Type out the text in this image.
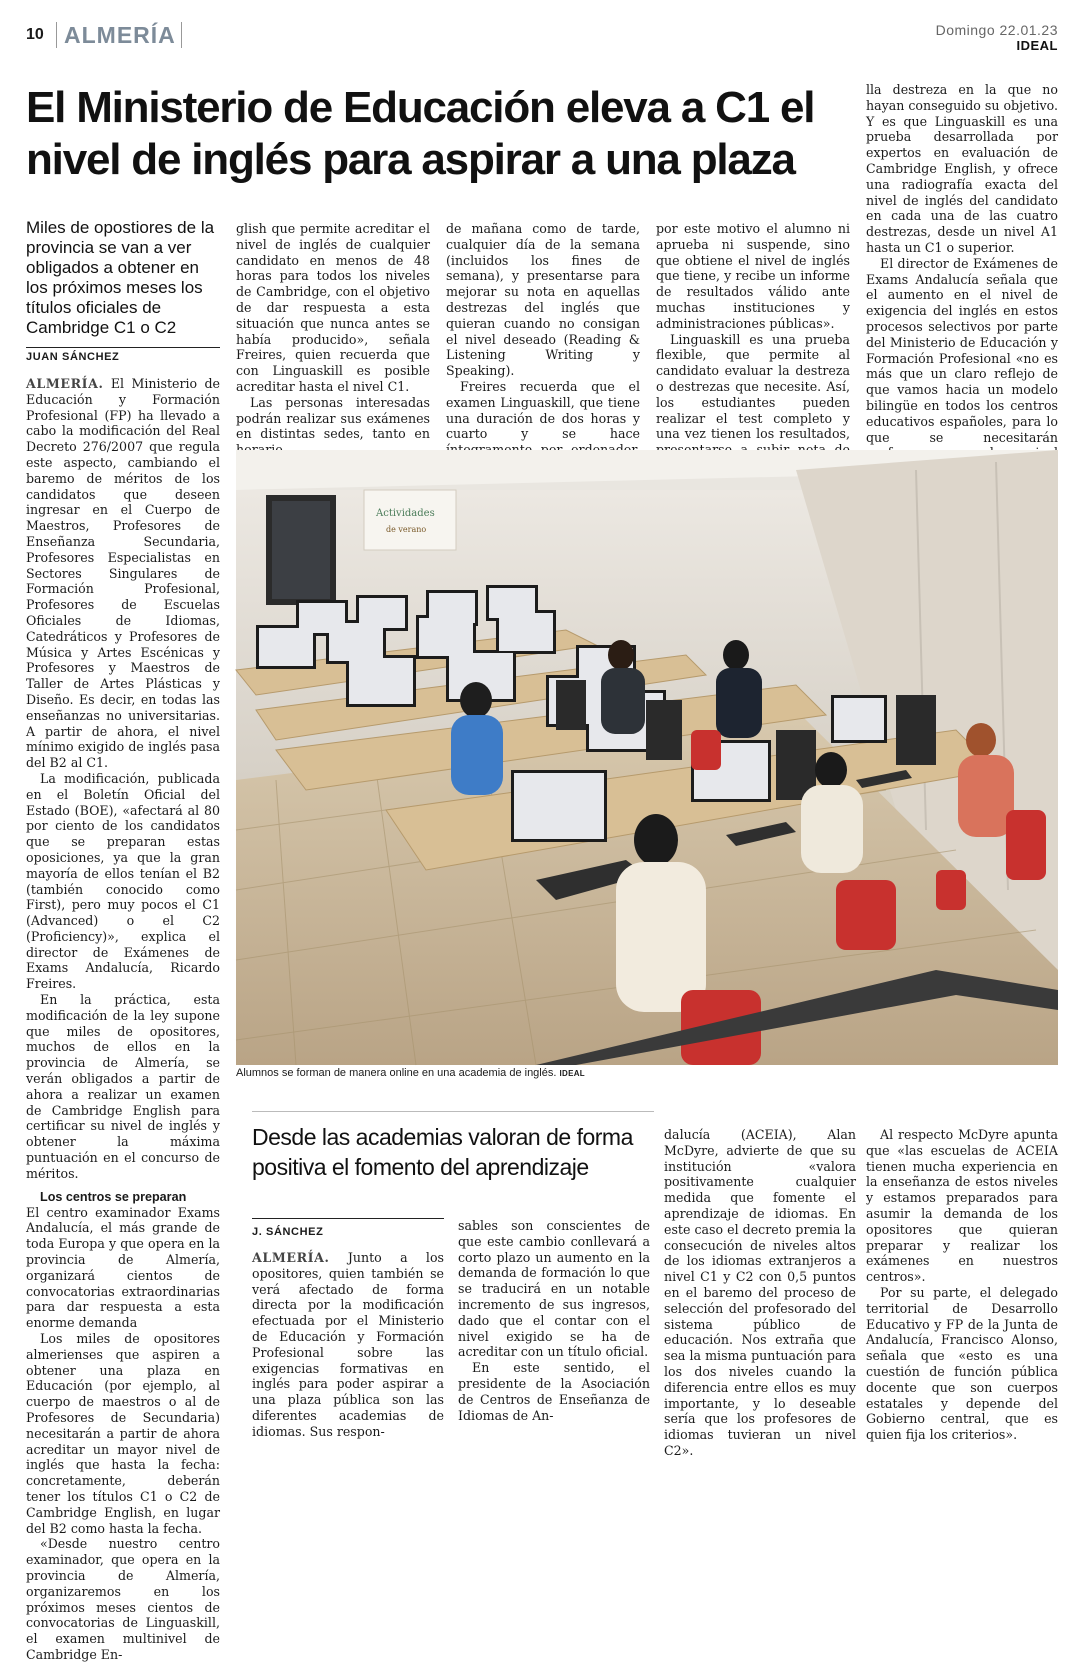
10 ALMERÍA	Domingo 22.01.23
IDEAL
El Ministerio de Educación eleva a C1 el nivel de inglés para aspirar a una plaza
Miles de opostiores de la provincia se van a ver obligados a obtener en los próximos meses los títulos oficiales de Cambridge C1 o C2
JUAN SÁNCHEZ

ALMERÍA. El Ministerio de Educación y Formación Profesional (FP) ha llevado a cabo la modificación del Real Decreto 276/2007 que regula este aspecto, cambiando el baremo de méritos de los candidatos que deseen ingresar en el Cuerpo de Maestros, Profesores de Enseñanza Secundaria, Profesores Especialistas en Sectores Singulares de Formación Profesional, Profesores de Escuelas Oficiales de Idiomas, Catedráticos y Profesores de Música y Artes Escénicas y Profesores y Maestros de Taller de Artes Plásticas y Diseño. Es decir, en todas las enseñanzas no universitarias. A partir de ahora, el nivel mínimo exigido de inglés pasa del B2 al C1.

La modificación, publicada en el Boletín Oficial del Estado (BOE), «afectará al 80 por ciento de los candidatos que se preparan estas oposiciones, ya que la gran mayoría de ellos tenían el B2 (también conocido como First), pero muy pocos el C1 (Advanced) o el C2 (Proficiency)», explica el director de Exámenes de Exams Andalucía, Ricardo Freires.

En la práctica, esta modificación de la ley supone que miles de opositores, muchos de ellos en la provincia de Almería, se verán obligados a partir de ahora a realizar un examen de Cambridge English para certificar su nivel de inglés y obtener la máxima puntuación en el concurso de méritos.

Los centros se preparan

El centro examinador Exams Andalucía, el más grande de toda Europa y que opera en la provincia de Almería, organizará cientos de convocatorias extraordinarias para dar respuesta a esta enorme demanda

Los miles de opositores almerienses que aspiren a obtener una plaza en Educación (por ejemplo, al cuerpo de maestros o al de Profesores de Secundaria) necesitarán a partir de ahora acreditar un mayor nivel de inglés que hasta la fecha: concretamente, deberán tener los títulos C1 o C2 de Cambridge English, en lugar del B2 como hasta la fecha.

«Desde nuestro centro examinador, que opera en la provincia de Almería, organizaremos en los próximos meses cientos de convocatorias de Linguaskill, el examen multinivel de Cambridge En-

glish que permite acreditar el nivel de inglés de cualquier candidato en menos de 48 horas para todos los niveles de Cambridge, con el objetivo de dar respuesta a esta situación que nunca antes se había producido», señala Freires, quien recuerda que con Linguaskill es posible acreditar hasta el nivel C1.

Las personas interesadas podrán realizar sus exámenes en distintas sedes, tanto en

de mañana como de tarde, cualquier día de la semana (incluidos los fines de semana), y presentarse para mejorar su nota en aquellas destrezas del inglés que quieran cuando no consigan el nivel deseado (Reading & Listening Writing y Speaking).

Freires recuerda que el examen Linguaskill, que tiene una duración de dos horas y cuarto y se hace

por este motivo el alumno ni aprueba ni suspende, sino que obtiene el nivel de inglés que tiene, y recibe un informe de resultados válido ante muchas instituciones y administraciones públicas».

Linguaskill es una prueba flexible, que permite al candidato evaluar la destreza o destrezas que necesite. Así, los estudiantes pueden realizar el test completo y una vez tienen los resultados,

lla destreza en la que no hayan conseguido su objetivo. Y es que Linguaskill es una prueba desarrollada por expertos en evaluación de Cambridge English, y ofrece una radiografía exacta del nivel de inglés del candidato en cada una de las cuatro destrezas, desde un nivel A1 hasta un C1 o superior.

El director de Exámenes de Exams Andalucía señala que el aumento en el nivel de exigencia del inglés en estos procesos selectivos por parte del Ministerio de Educación y Formación Profesional «no es más que un claro reflejo de que vamos hacia un modelo bilingüe en todos los centros educativos españoles, para lo que se necesitarán

Actividades
de verano
Alumnos se forman de manera online en una academia de inglés. IDEAL
Desde las academias valoran de forma positiva el fomento del aprendizaje
J. SÁNCHEZ

ALMERÍA. Junto a los opositores, quien también se verá afectado de forma directa por la modificación efectuada por el Ministerio de Educación y Formación Profesional sobre las exigencias formativas en inglés para poder aspirar a una plaza pública son las diferentes academias de idiomas. Sus respon-

sables son conscientes de que este cambio conllevará a corto plazo un aumento en la demanda de formación lo que se traducirá en un notable incremento de sus ingresos, dado que el contar con el nivel exigido se ha de acreditar con un título oficial.

En este sentido, el presidente de la Asociación de Centros de Enseñanza de Idiomas de An-

dalucía (ACEIA), Alan McDyre, advierte de que su institución «valora positivamente cualquier medida que fomente el aprendizaje de idiomas. En este caso el decreto premia la consecución de niveles altos de los idiomas extranjeros a nivel C1 y C2 con 0,5 puntos en el baremo del proceso de selección del profesorado del sistema público de educación. Nos extraña que sea la misma puntuación para los dos niveles cuando la diferencia entre ellos es muy importante, y lo deseable sería que los profesores de idiomas tuvieran un nivel C2».

Al respecto McDyre apunta que «las escuelas de ACEIA tienen mucha experiencia en la enseñanza de estos niveles y estamos preparados para asumir la demanda de los opositores que quieran preparar y realizar los exámenes en nuestros centros».

Por su parte, el delegado territorial de Desarrollo Educativo y FP de la Junta de Andalucía, Francisco Alonso, señala que «esto es una cuestión de función pública docente que son cuerpos estatales y depende del Gobierno central, que es quien fija los criterios».
